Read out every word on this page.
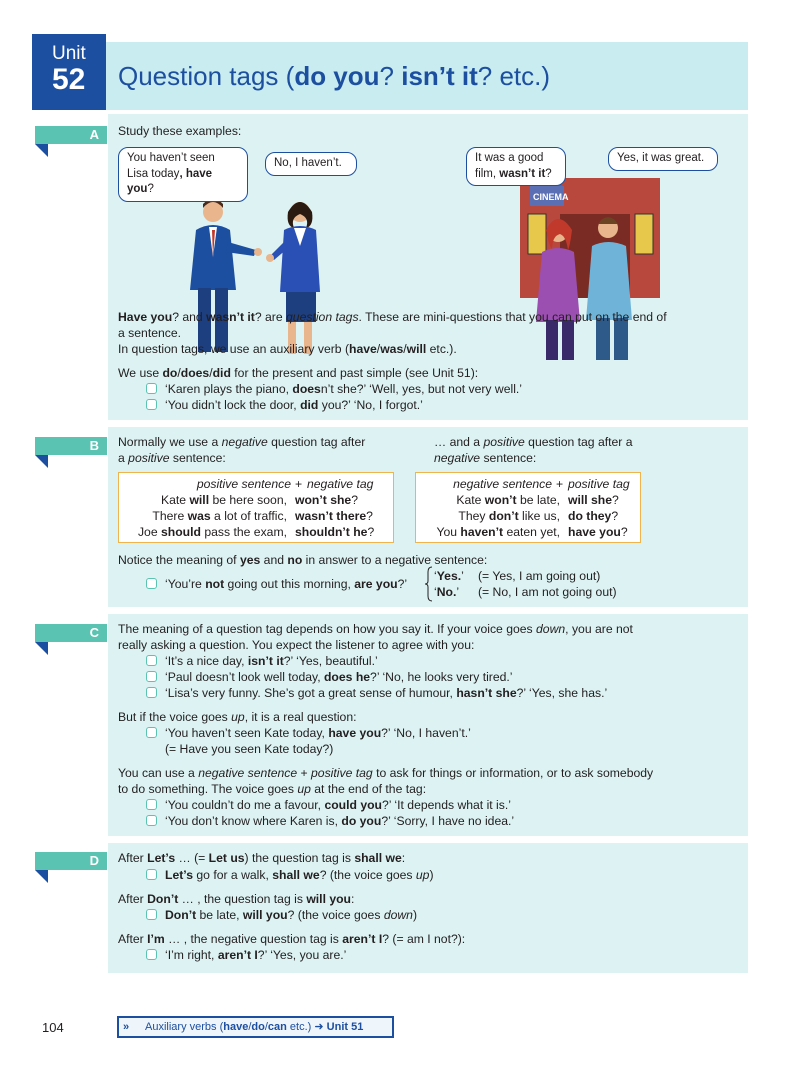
Unit
52	Question tags (do you? isn’t it? etc.)
A	Study these examples:
You haven’t seen
Lisa today, have you?
No, I haven’t.
CINEMA
It was a good
film, wasn’t it?
Yes, it was great.
Have you? and wasn’t it? are question tags. These are mini-questions that you can put on the end of
a sentence.
In question tags, we use an auxiliary verb (have/was/will etc.).
We use do/does/did for the present and past simple (see Unit 51):
‘Karen plays the piano, doesn’t she?’ ‘Well, yes, but not very well.’
‘You didn’t lock the door, did you?’ ‘No, I forgot.’
B	Normally we use a negative question tag after
a positive sentence:
… and a positive question tag after a
negative sentence:
positive sentence + negative tag
Kate will be here soon, won’t she?
There was a lot of traffic, wasn’t there?
Joe should pass the exam, shouldn’t he?
negative sentence + positive tag
Kate won’t be late, will she?
They don’t like us, do they?
You haven’t eaten yet, have you?
Notice the meaning of yes and no in answer to a negative sentence:
‘You’re not going out this morning, are you?’
‘Yes.’ (= Yes, I am going out)
‘No.’ (= No, I am not going out)
C	The meaning of a question tag depends on how you say it. If your voice goes down, you are not
really asking a question. You expect the listener to agree with you:
‘It’s a nice day, isn’t it?’ ‘Yes, beautiful.’
‘Paul doesn’t look well today, does he?’ ‘No, he looks very tired.’
‘Lisa’s very funny. She’s got a great sense of humour, hasn’t she?’ ‘Yes, she has.’
But if the voice goes up, it is a real question:
‘You haven’t seen Kate today, have you?’ ‘No, I haven’t.’
(= Have you seen Kate today?)
You can use a negative sentence + positive tag to ask for things or information, or to ask somebody
to do something. The voice goes up at the end of the tag:
‘You couldn’t do me a favour, could you?’ ‘It depends what it is.’
‘You don’t know where Karen is, do you?’ ‘Sorry, I have no idea.’
D	After Let’s … (= Let us) the question tag is shall we:
Let’s go for a walk, shall we? (the voice goes up)
After Don’t … , the question tag is will you:
Don’t be late, will you? (the voice goes down)
After I’m … , the negative question tag is aren’t I? (= am I not?):
‘I’m right, aren’t I?’ ‘Yes, you are.’
104	» Auxiliary verbs (have/do/can etc.) ➜ Unit 51
